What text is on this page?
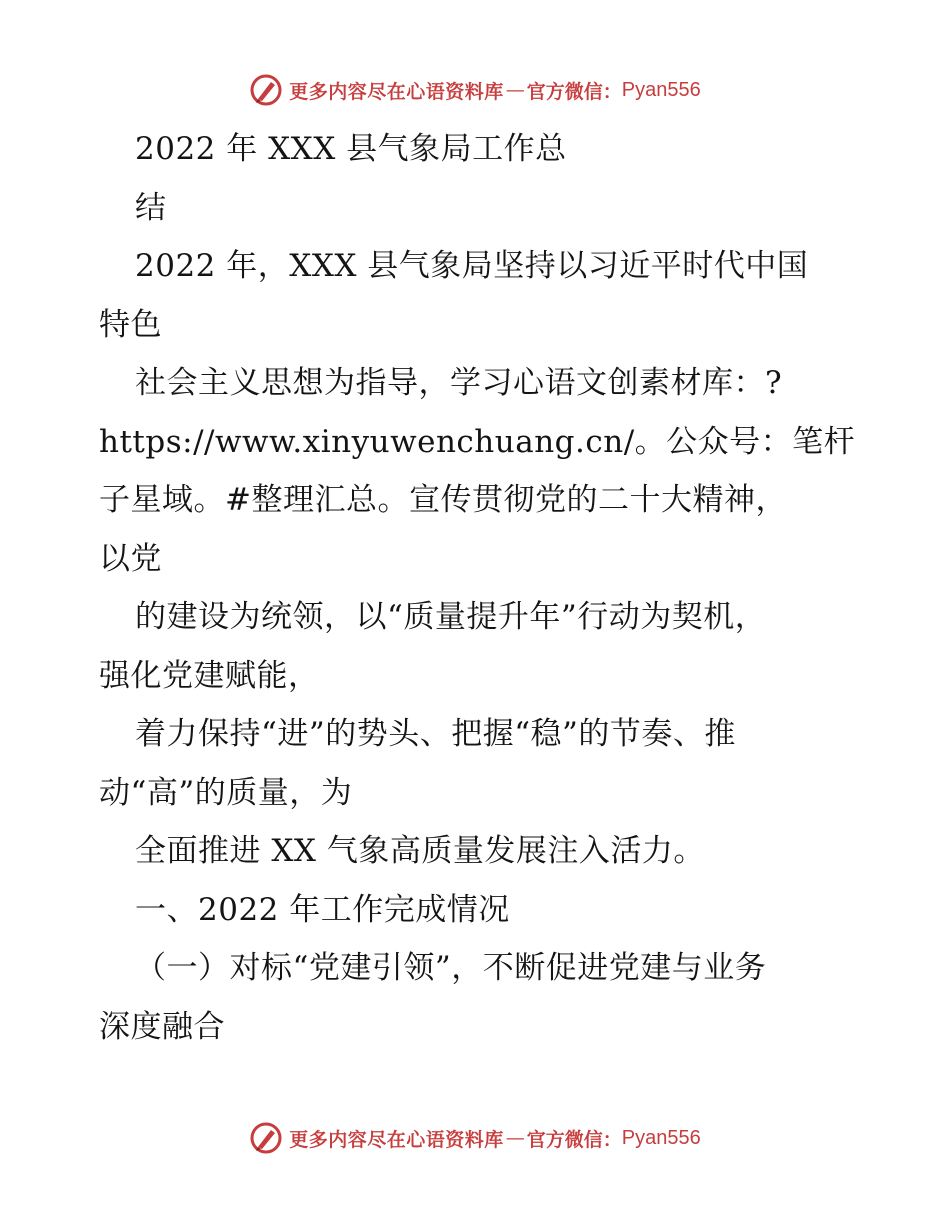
更多内容尽在心语资料库 — 官方微信： Pyan556
2022 年 XXX 县气象局工作总
结
2022 年，XXX 县气象局坚持以习近平时代中国
特色
社会主义思想为指导，学习心语文创素材库：?
https://www.xinyuwenchuang.cn/。公众号：笔杆
子星域。#整理汇总。宣传贯彻党的二十大精神，
以党
的建设为统领，以“质量提升年”行动为契机，
强化党建赋能，
着力保持“进”的势头、把握“稳”的节奏、推
动“高”的质量，为
全面推进 XX 气象高质量发展注入活力。
一、2022 年工作完成情况
（一）对标“党建引领”，不断促进党建与业务
深度融合
更多内容尽在心语资料库 — 官方微信： Pyan556
